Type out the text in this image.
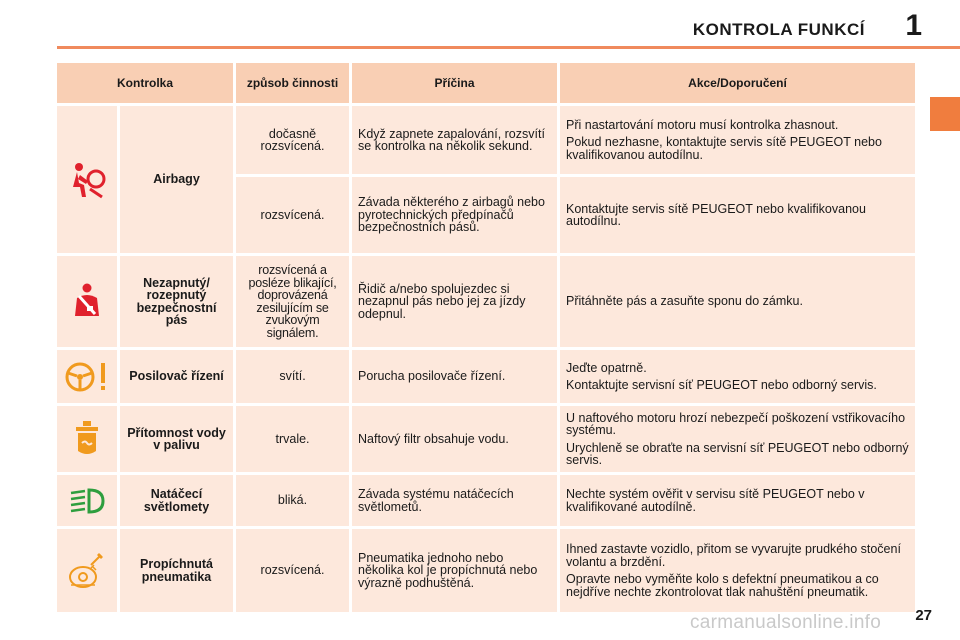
KONTROLA FUNKCÍ 1
Kontrolka		způsob činnosti	Příčina	Akce/Doporučení
	Airbagy	dočasně rozsvícená.	Když zapnete zapalování, rozsvítí se kontrolka na několik sekund.	Při nastartování motoru musí kontrolka zhasnout.

Pokud nezhasne, kontaktujte servis sítě PEUGEOT nebo kvalifikovanou autodílnu.

		rozsvícená.	Závada některého z airbagů nebo pyrotechnických předpínačů bezpečnostních pásů.	Kontaktujte servis sítě PEUGEOT nebo kvalifikovanou autodílnu.

	Nezapnutý/ rozepnutý bezpečnostní pás	rozsvícená a posléze blikající, doprovázená zesilujícím se zvukovým signálem.	Řidič a/nebo spolujezdec si nezapnul pás nebo jej za jízdy odepnul.	Přitáhněte pás a zasuňte sponu do zámku.

	Posilovač řízení	svítí.	Porucha posilovače řízení.	Jeďte opatrně.

Kontaktujte servisní síť PEUGEOT nebo odborný servis.

	Přítomnost vody v palivu	trvale.	Naftový filtr obsahuje vodu.	U naftového motoru hrozí nebezpečí poškození vstřikovacího systému.

Urychleně se obraťte na servisní síť PEUGEOT nebo odborný servis.

	Natáčecí světlomety	bliká.	Závada systému natáčecích světlometů.	Nechte systém ověřit v servisu sítě PEUGEOT nebo v kvalifikované autodílně.

	Propíchnutá pneumatika	rozsvícená.	Pneumatika jednoho nebo několika kol je propíchnutá nebo výrazně podhuštěná.	Ihned zastavte vozidlo, přitom se vyvarujte prudkého stočení volantu a brzdění.

Opravte nebo vyměňte kolo s defektní pneumatikou a co nejdříve nechte zkontrolovat tlak nahuštění pneumatik.

27
carmanualsonline.info
